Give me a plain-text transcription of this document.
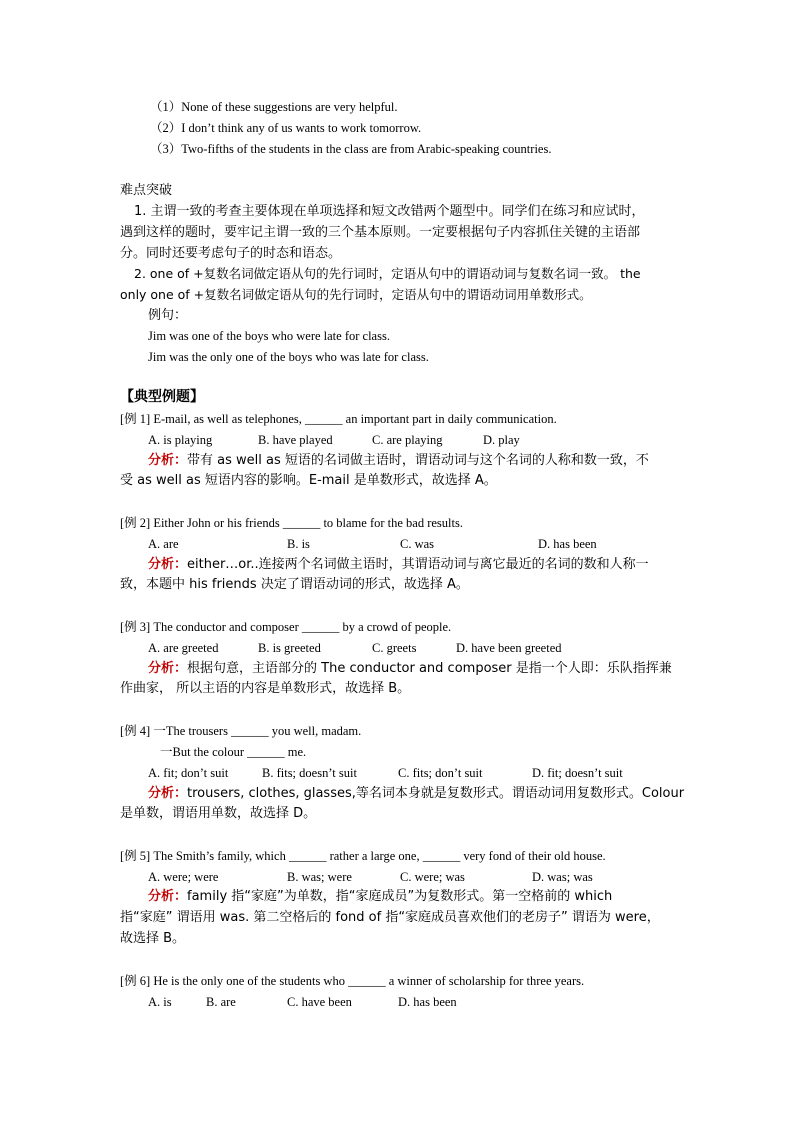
（1）None of these suggestions are very helpful.
（2）I don’t think any of us wants to work tomorrow.
（3）Two-fifths of the students in the class are from Arabic-speaking countries.
难点突破
1. 主谓一致的考查主要体现在单项选择和短文改错两个题型中。同学们在练习和应试时，
遇到这样的题时，要牢记主谓一致的三个基本原则。一定要根据句子内容抓住关键的主语部
分。同时还要考虑句子的时态和语态。
2. one of +复数名词做定语从句的先行词时，定语从句中的谓语动词与复数名词一致。 the
only one of +复数名词做定语从句的先行词时，定语从句中的谓语动词用单数形式。
例句：
Jim was one of the boys who were late for class.
Jim was the only one of the boys who was late for class.
【典型例题】
[例 1] E-mail, as well as telephones, ______ an important part in daily communication.
A. is playing	B. have played	C. are playing	D. play
分析：带有 as well as 短语的名词做主语时，谓语动词与这个名词的人称和数一致，不
受 as well as 短语内容的影响。E-mail 是单数形式，故选择 A。
[例 2] Either John or his friends ______ to blame for the bad results.
A. are	B. is	C. was	D. has been
分析：either…or..连接两个名词做主语时，其谓语动词与离它最近的名词的数和人称一
致，本题中 his friends 决定了谓语动词的形式，故选择 A。
[例 3] The conductor and composer ______ by a crowd of people.
A. are greeted	B. is greeted	C. greets	D. have been greeted
分析：根据句意，主语部分的 The conductor and composer 是指一个人即：乐队指挥兼
作曲家， 所以主语的内容是单数形式，故选择 B。
[例 4] 一The trousers ______ you well, madam.
一But the colour ______ me.
A. fit; don’t suit	B. fits; doesn’t suit	C. fits; don’t suit	D. fit; doesn’t suit
分析：trousers, clothes, glasses,等名词本身就是复数形式。谓语动词用复数形式。Colour
是单数，谓语用单数，故选择 D。
[例 5] The Smith’s family, which ______ rather a large one, ______ very fond of their old house.
A. were; were	B. was; were	C. were; was	D. was; was
分析：family 指“家庭”为单数，指“家庭成员”为复数形式。第一空格前的 which
指“家庭” 谓语用 was. 第二空格后的 fond of 指“家庭成员喜欢他们的老房子” 谓语为 were，
故选择 B。
[例 6] He is the only one of the students who ______ a winner of scholarship for three years.
A. is	B. are	C. have been	D. has been
